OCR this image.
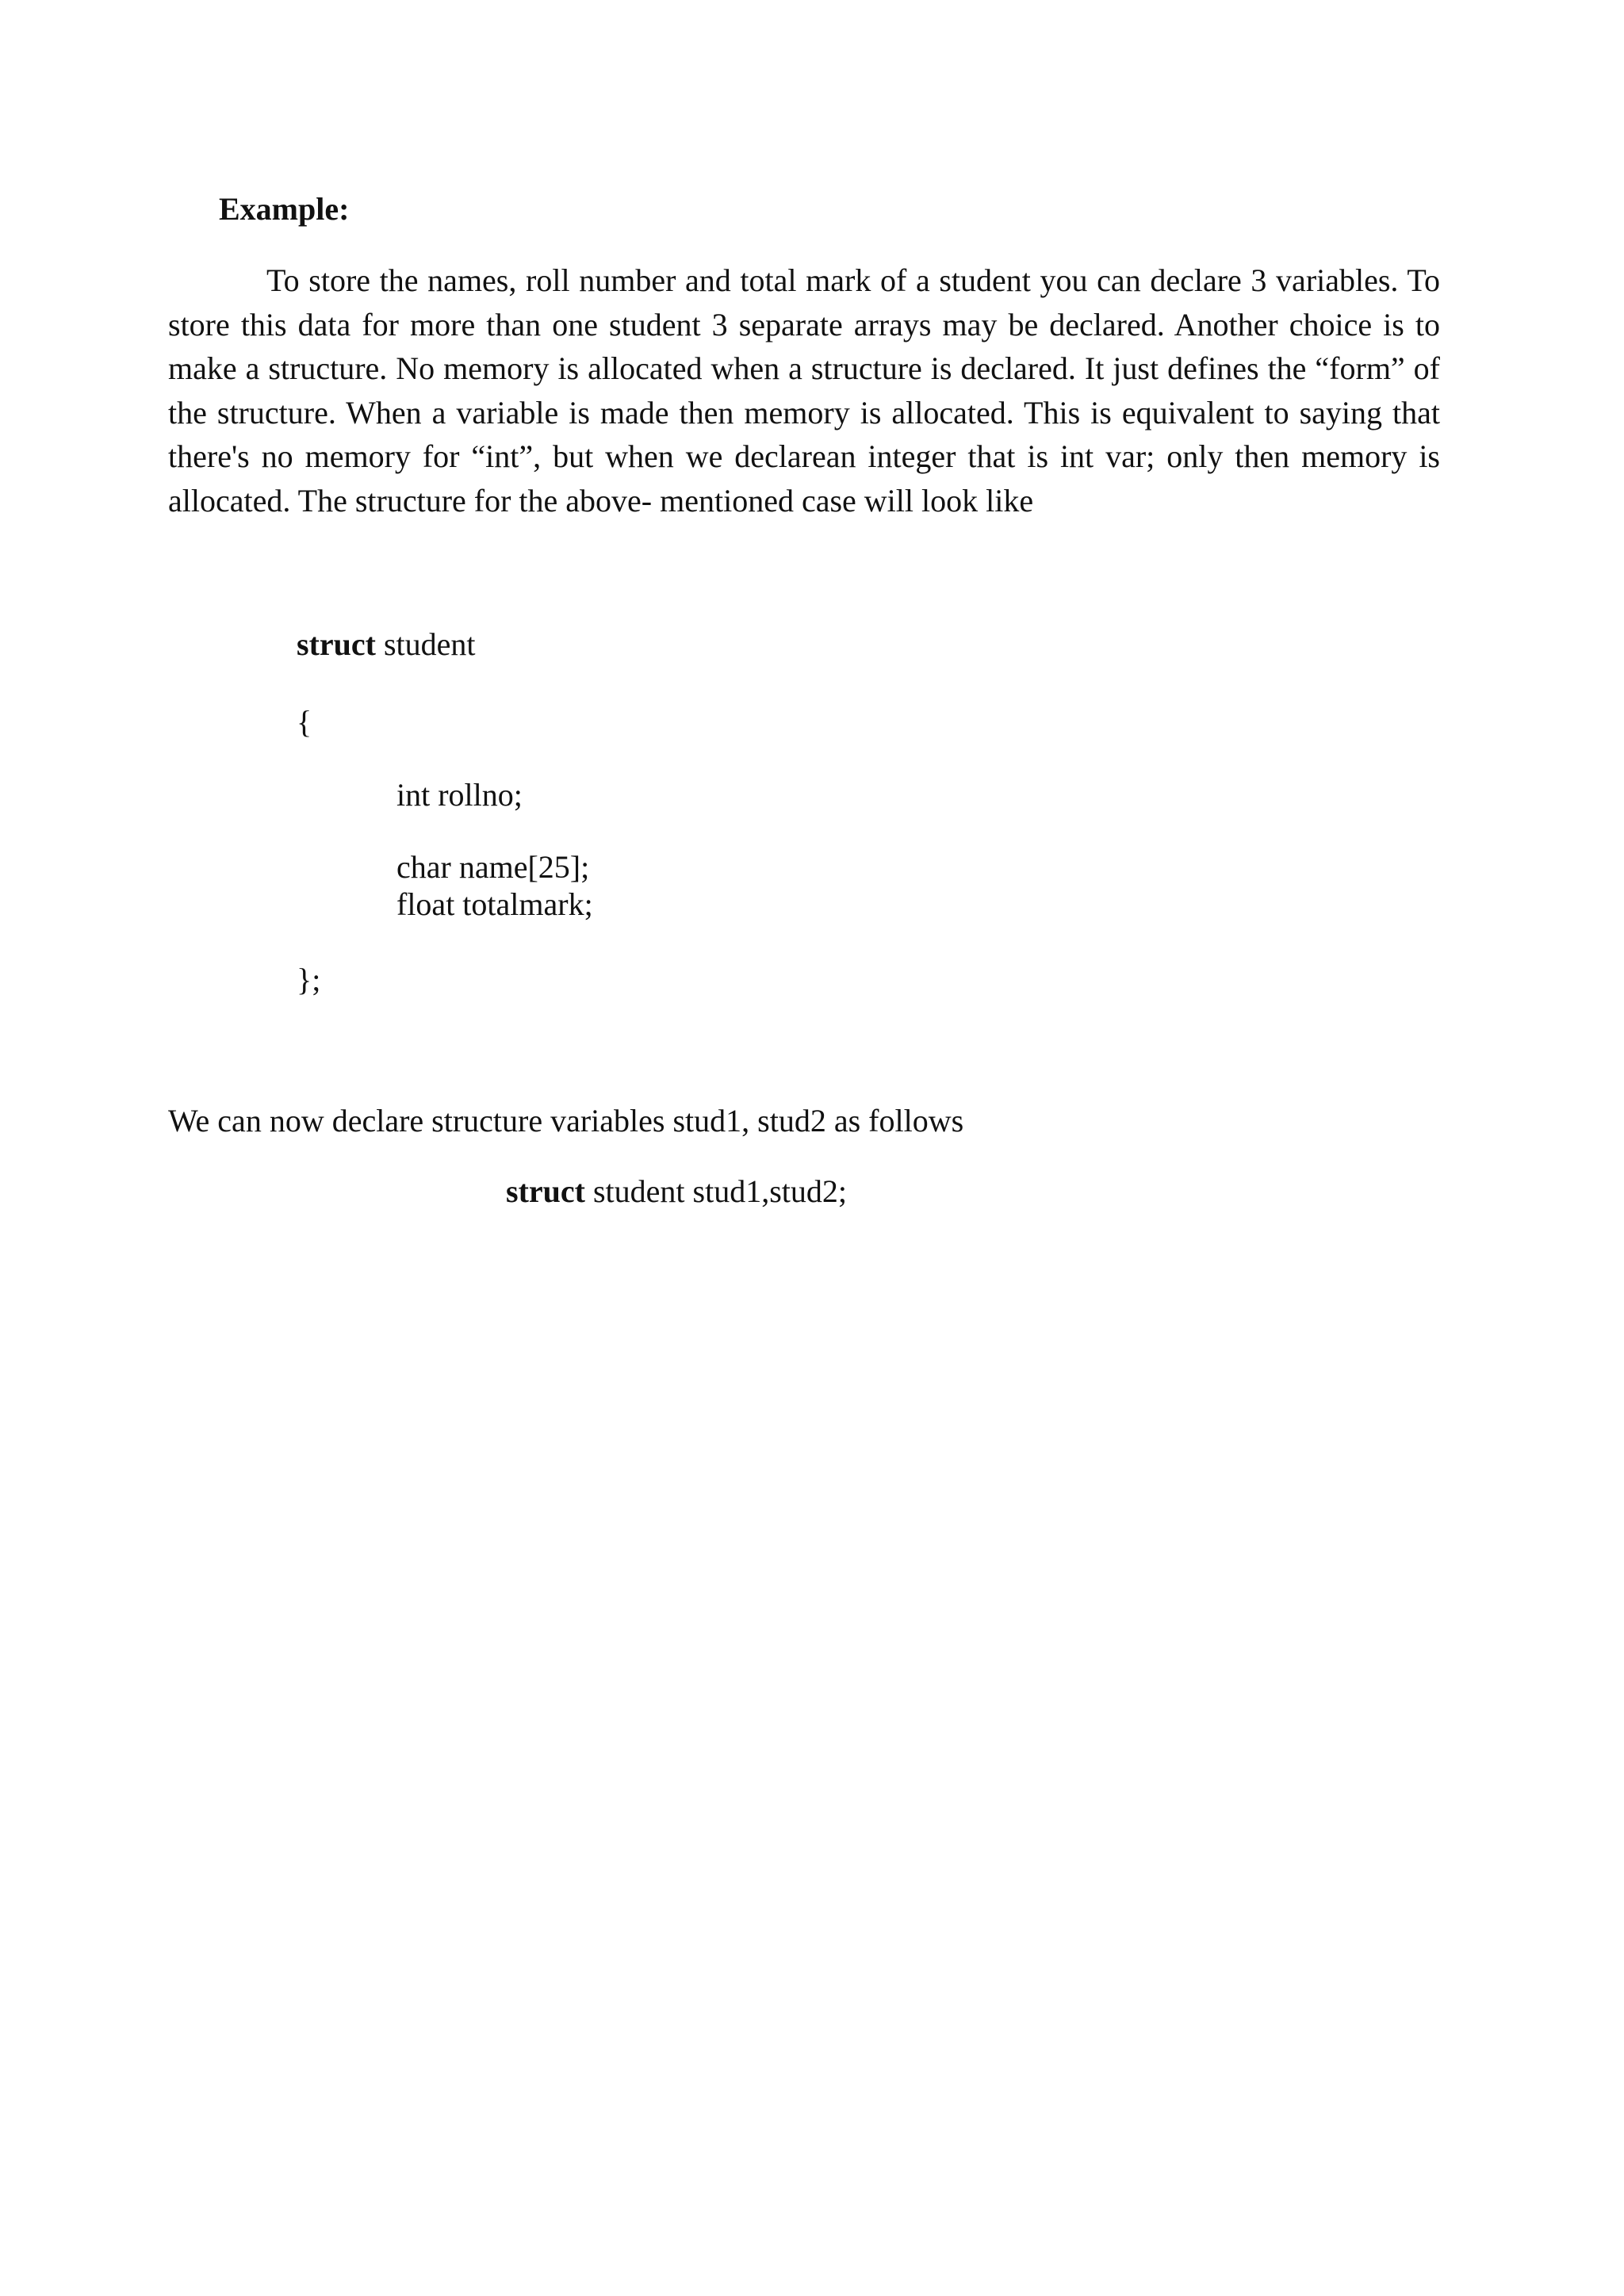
Example:

To store the names, roll number and total mark of a student you can declare 3 variables. To store this data for more than one student 3 separate arrays may be declared. Another choice is to make a structure. No memory is allocated when a structure is declared. It just defines the “form” of the structure. When a variable is made then memory is allocated. This is equivalent to saying that there's no memory for “int”, but when we declarean integer that is int var; only then memory is allocated. The structure for the above- mentioned case will look like

struct student
{
int rollno;
char name[25];
float totalmark;
};

We can now declare structure variables stud1, stud2 as follows

struct student stud1,stud2;
